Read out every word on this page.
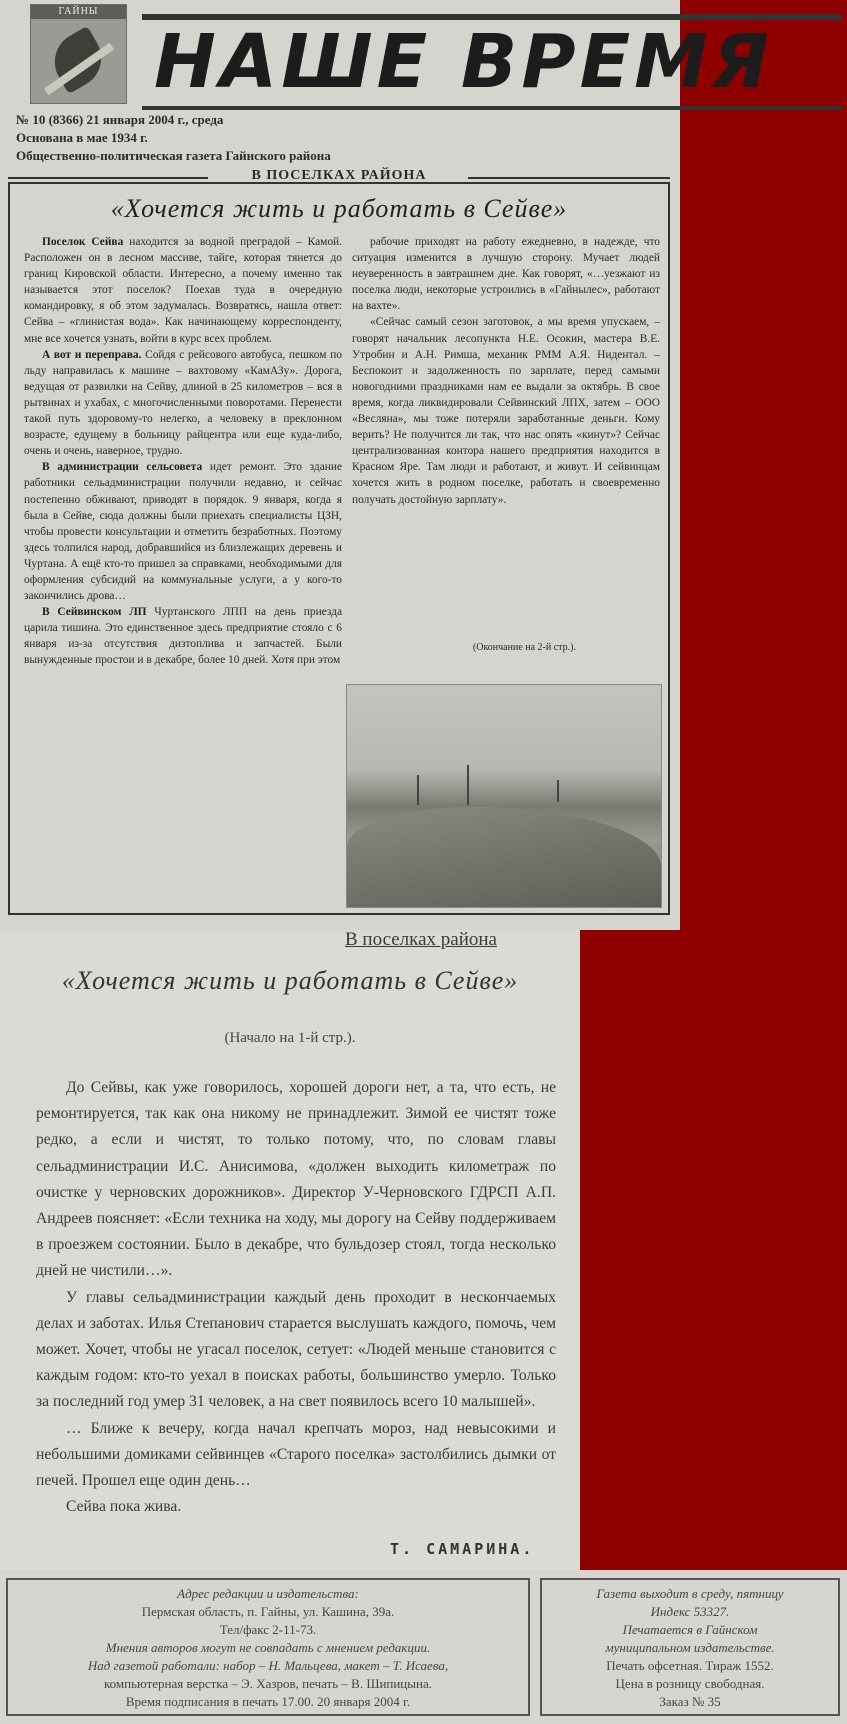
ГАЙНЫ
НАШЕ ВРЕМЯ
№ 10 (8366) 21 января 2004 г., среда
Основана в мае 1934 г.
Общественно-политическая газета Гайнского района
В ПОСЕЛКАХ РАЙОНА
«Хочется жить и работать в Сейве»

Поселок Сейва находится за водной преградой – Камой. Расположен он в лесном массиве, тайге, которая тянется до границ Кировской области. Интересно, а почему именно так называется этот поселок? Поехав туда в очередную командировку, я об этом задумалась. Возвратясь, нашла ответ: Сейва – «глинистая вода». Как начинающему корреспонденту, мне все хочется узнать, войти в курс всех проблем.

А вот и переправа. Сойдя с рейсового автобуса, пешком по льду направилась к машине – вахтовому «КамАЗу». Дорога, ведущая от развилки на Сейву, длиной в 25 километров – вся в рытвинах и ухабах, с многочисленными поворотами. Перенести такой путь здоровому-то нелегко, а человеку в преклонном возрасте, едущему в больницу райцентра или еще куда-либо, очень и очень, наверное, трудно.

В администрации сельсовета идет ремонт. Это здание работники сельадминистрации получили недавно, и сейчас постепенно обживают, приводят в порядок. 9 января, когда я была в Сейве, сюда должны были приехать специалисты ЦЗН, чтобы провести консультации и отметить безработных. Поэтому здесь толпился народ, добравшийся из близлежащих деревень и Чуртана. А ещё кто-то пришел за справками, необходимыми для оформления субсидий на коммунальные услуги, а у кого-то закончились дрова…

В Сейвинском ЛП Чуртанского ЛПП на день приезда царила тишина. Это единственное здесь предприятие стояло с 6 января из-за отсутствия дизтоплива и запчастей. Были вынужденные простои и в декабре, более 10 дней. Хотя при этом

рабочие приходят на работу ежедневно, в надежде, что ситуация изменится в лучшую сторону. Мучает людей неуверенность в завтрашнем дне. Как говорят, «…уезжают из поселка люди, некоторые устроились в «Гайнылес», работают на вахте».

«Сейчас самый сезон заготовок, а мы время упускаем, – говорят начальник лесопункта Н.Е. Осокин, мастера В.Е. Утробин и А.Н. Римша, механик РММ А.Я. Нидентал. –Беспокоит и задолженность по зарплате, перед самыми новогодними праздниками нам ее выдали за октябрь. В свое время, когда ликвидировали Сейвинский ЛПХ, затем – ООО «Весляна», мы тоже потеряли заработанные деньги. Кому верить? Не получится ли так, что нас опять «кинут»? Сейчас централизованная контора нашего предприятия находится в Красном Яре. Там люди и работают, и живут. И сейвинцам хочется жить в родном поселке, работать и своевременно получать достойную зарплату».

(Окончание на 2-й стр.).
В поселках района
«Хочется жить и работать в Сейве»
(Начало на 1-й стр.).

До Сейвы, как уже говорилось, хорошей дороги нет, а та, что есть, не ремонтируется, так как она никому не принадлежит. Зимой ее чистят тоже редко, а если и чистят, то только потому, что, по словам главы сельадминистрации И.С. Анисимова, «должен выходить километраж по очистке у черновских дорожников». Директор У-Черновского ГДРСП А.П. Андреев поясняет: «Если техника на ходу, мы дорогу на Сейву поддерживаем в проезжем состоянии. Было в декабре, что бульдозер стоял, тогда несколько дней не чистили…».

У главы сельадминистрации каждый день проходит в нескончаемых делах и заботах. Илья Степанович старается выслушать каждого, помочь, чем может. Хочет, чтобы не угасал поселок, сетует: «Людей меньше становится с каждым годом: кто-то уехал в поисках работы, большинство умерло. Только за последний год умер 31 человек, а на свет появилось всего 10 малышей».

… Ближе к вечеру, когда начал крепчать мороз, над невысокими и небольшими домиками сейвинцев «Старого поселка» застолбились дымки от печей. Прошел еще один день…

Сейва пока жива.

Т. САМАРИНА.
Адрес редакции и издательства:
Пермская область, п. Гайны, ул. Кашина, 39а.
Тел/факс 2-11-73.
Мнения авторов могут не совпадать с мнением редакции.
Над газетой работали: набор – Н. Мальцева, макет – Т. Исаева,
компьютерная верстка – Э. Хазров, печать – В. Шипицына.
Время подписания в печать 17.00. 20 января 2004 г.
Газета выходит в среду, пятницу
Индекс 53327.
Печатается в Гайнском
муниципальном издательстве.
Печать офсетная. Тираж 1552.
Цена в розницу свободная.
Заказ № 35
